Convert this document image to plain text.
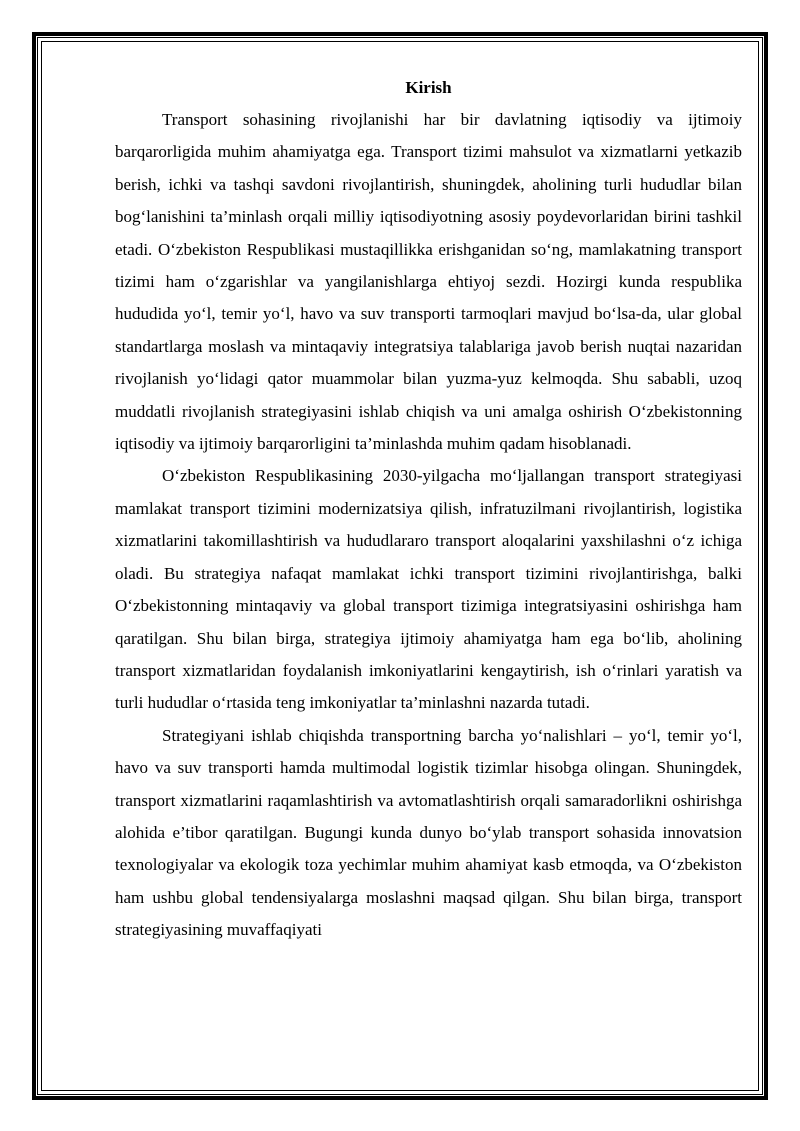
Kirish

Transport sohasining rivojlanishi har bir davlatning iqtisodiy va ijtimoiy barqarorligida muhim ahamiyatga ega. Transport tizimi mahsulot va xizmatlarni yetkazib berish, ichki va tashqi savdoni rivojlantirish, shuningdek, aholining turli hududlar bilan bog‘lanishini ta’minlash orqali milliy iqtisodiyotning asosiy poydevorlaridan birini tashkil etadi. O‘zbekiston Respublikasi mustaqillikka erishganidan so‘ng, mamlakatning transport tizimi ham o‘zgarishlar va yangilanishlarga ehtiyoj sezdi. Hozirgi kunda respublika hududida yo‘l, temir yo‘l, havo va suv transporti tarmoqlari mavjud bo‘lsa-da, ular global standartlarga moslash va mintaqaviy integratsiya talablariga javob berish nuqtai nazaridan rivojlanish yo‘lidagi qator muammolar bilan yuzma-yuz kelmoqda. Shu sababli, uzoq muddatli rivojlanish strategiyasini ishlab chiqish va uni amalga oshirish O‘zbekistonning iqtisodiy va ijtimoiy barqarorligini ta’minlashda muhim qadam hisoblanadi.

O‘zbekiston Respublikasining 2030-yilgacha mo‘ljallangan transport strategiyasi mamlakat transport tizimini modernizatsiya qilish, infratuzilmani rivojlantirish, logistika xizmatlarini takomillashtirish va hududlararo transport aloqalarini yaxshilashni o‘z ichiga oladi. Bu strategiya nafaqat mamlakat ichki transport tizimini rivojlantirishga, balki O‘zbekistonning mintaqaviy va global transport tizimiga integratsiyasini oshirishga ham qaratilgan. Shu bilan birga, strategiya ijtimoiy ahamiyatga ham ega bo‘lib, aholining transport xizmatlaridan foydalanish imkoniyatlarini kengaytirish, ish o‘rinlari yaratish va turli hududlar o‘rtasida teng imkoniyatlar ta’minlashni nazarda tutadi.

Strategiyani ishlab chiqishda transportning barcha yo‘nalishlari – yo‘l, temir yo‘l, havo va suv transporti hamda multimodal logistik tizimlar hisobga olingan. Shuningdek, transport xizmatlarini raqamlashtirish va avtomatlashtirish orqali samaradorlikni oshirishga alohida e’tibor qaratilgan. Bugungi kunda dunyo bo‘ylab transport sohasida innovatsion texnologiyalar va ekologik toza yechimlar muhim ahamiyat kasb etmoqda, va O‘zbekiston ham ushbu global tendensiyalarga moslashni maqsad qilgan. Shu bilan birga, transport strategiyasining muvaffaqiyati
